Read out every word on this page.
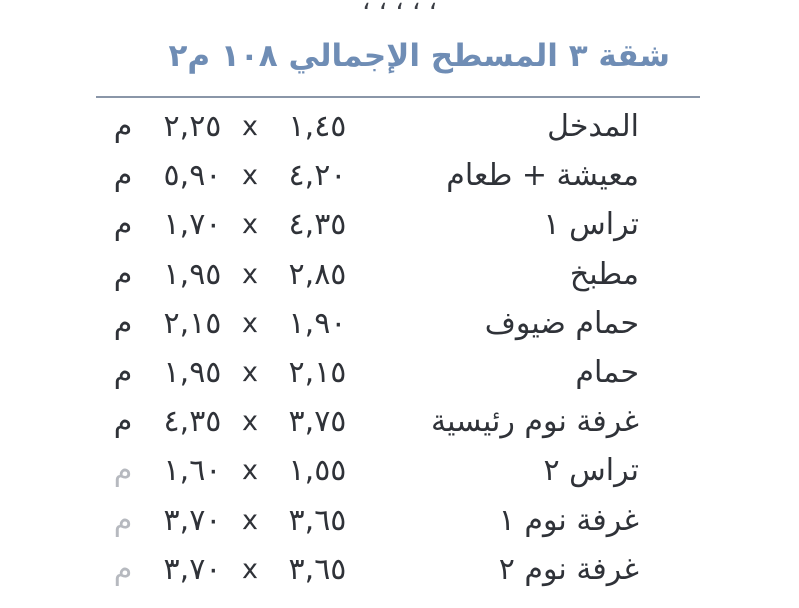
، ، ، ، ،
شقة ٣ المسطح الإجمالي ١٠٨ م٢
المدخل
١,٤٥
x
٢,٢٥
م
معيشة + طعام
٤,٢٠
x
٥,٩٠
م
تراس ١
٤,٣٥
x
١,٧٠
م
مطبخ
٢,٨٥
x
١,٩٥
م
حمام ضيوف
١,٩٠
x
٢,١٥
م
حمام
٢,١٥
x
١,٩٥
م
غرفة نوم رئيسية
٣,٧٥
x
٤,٣٥
م
تراس ٢
١,٥٥
x
١,٦٠
م
غرفة نوم ١
٣,٦٥
x
٣,٧٠
م
غرفة نوم ٢
٣,٦٥
x
٣,٧٠
م
